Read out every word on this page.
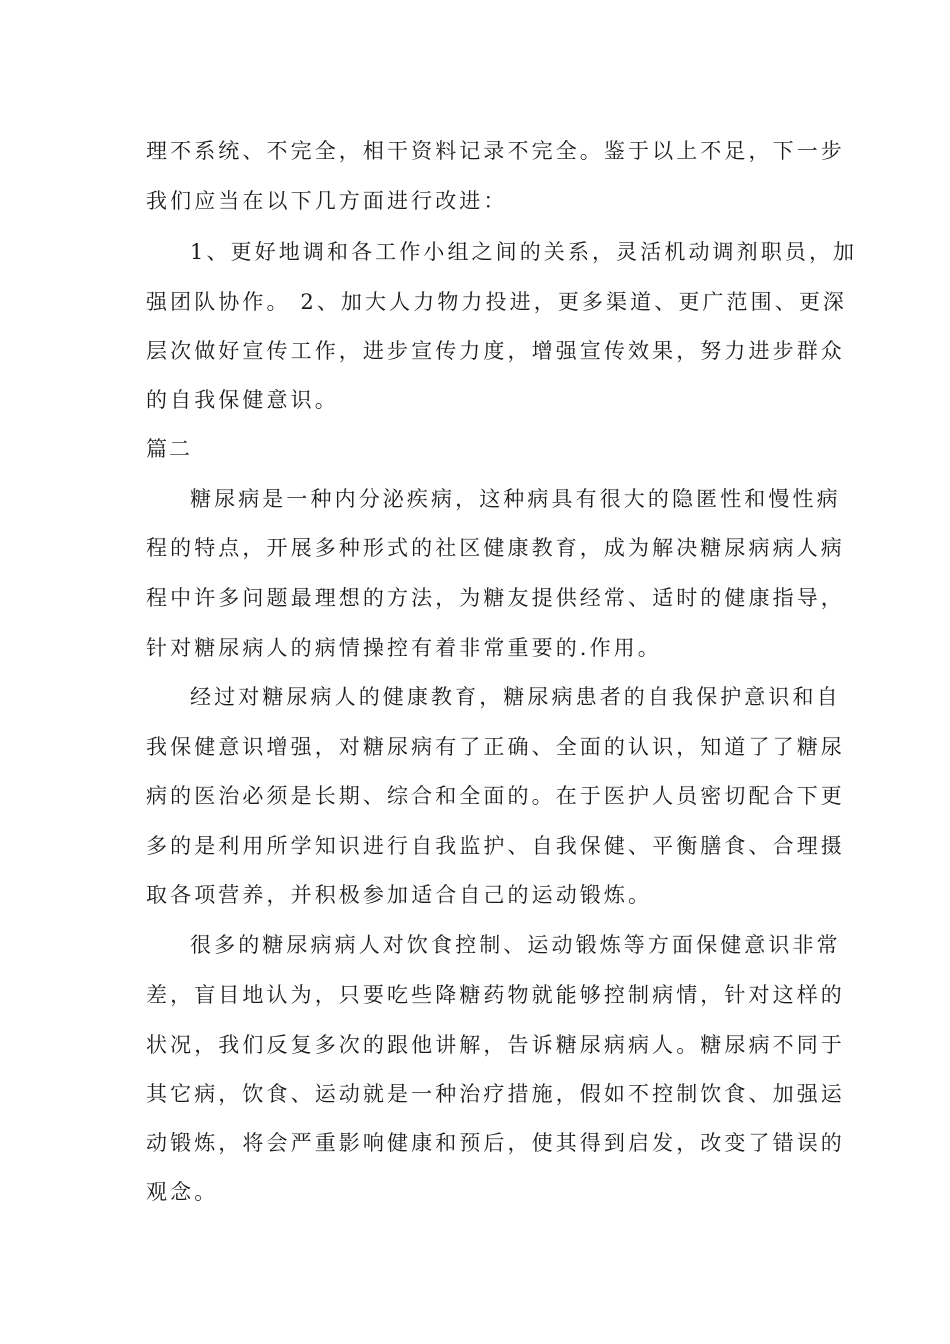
理不系统、不完全，相干资料记录不完全。鉴于以上不足，下一步
我们应当在以下几方面进行改进：
1、更好地调和各工作小组之间的关系，灵活机动调剂职员，加
强团队协作。 2、加大人力物力投进，更多渠道、更广范围、更深
层次做好宣传工作，进步宣传力度，增强宣传效果，努力进步群众
的自我保健意识。
篇二
糖尿病是一种内分泌疾病，这种病具有很大的隐匿性和慢性病
程的特点，开展多种形式的社区健康教育，成为解决糖尿病病人病
程中许多问题最理想的方法，为糖友提供经常、适时的健康指导，
针对糖尿病人的病情操控有着非常重要的.作用。
经过对糖尿病人的健康教育，糖尿病患者的自我保护意识和自
我保健意识增强，对糖尿病有了正确、全面的认识，知道了了糖尿
病的医治必须是长期、综合和全面的。在于医护人员密切配合下更
多的是利用所学知识进行自我监护、自我保健、平衡膳食、合理摄
取各项营养，并积极参加适合自己的运动锻炼。
很多的糖尿病病人对饮食控制、运动锻炼等方面保健意识非常
差，盲目地认为，只要吃些降糖药物就能够控制病情，针对这样的
状况，我们反复多次的跟他讲解，告诉糖尿病病人。糖尿病不同于
其它病，饮食、运动就是一种治疗措施，假如不控制饮食、加强运
动锻炼，将会严重影响健康和预后，使其得到启发，改变了错误的
观念。
